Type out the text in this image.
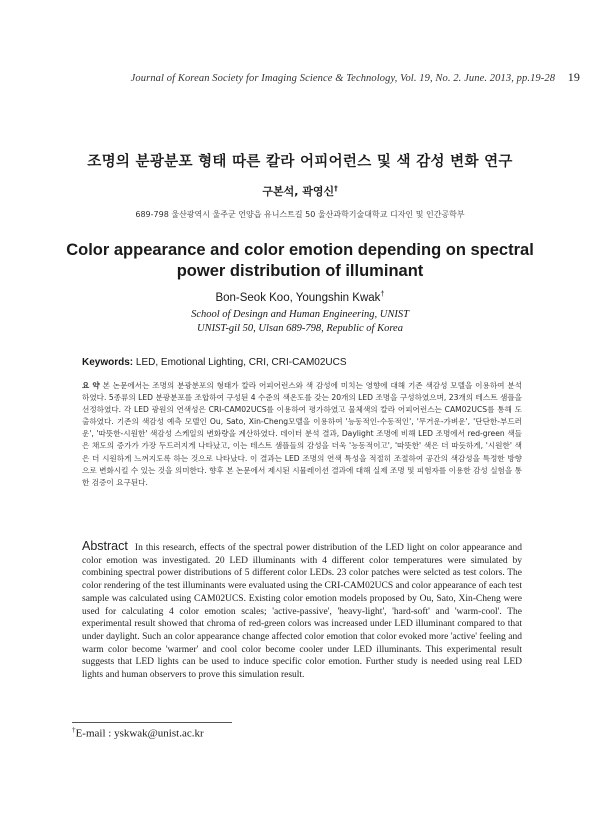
Journal of Korean Society for Imaging Science & Technology, Vol. 19, No. 2. June. 2013, pp.19-28 19
조명의 분광분포 형태 따른 칼라 어피어런스 및 색 감성 변화 연구
구본석, 곽영신†
689-798 울산광역시 울주군 언양읍 유니스트길 50 울산과학기술대학교 디자인 및 인간공학부
Color appearance and color emotion depending on spectral
power distribution of illuminant
Bon-Seok Koo, Youngshin Kwak†
School of Desingn and Human Engineering, UNIST
UNIST-gil 50, Ulsan 689-798, Republic of Korea
Keywords: LED, Emotional Lighting, CRI, CRI-CAM02UCS
요 약 본 논문에서는 조명의 분광분포의 형태가 칼라 어피어런스와 색 감성에 미치는 영향에 대해 기존 색감성 모델을 이용하여 분석 하였다. 5종류의 LED 분광분포를 조합하여 구성된 4 수준의 색온도를 갖는 20개의 LED 조명을 구성하였으며, 23개의 테스트 샘플을 선정하였다. 각 LED 광원의 연색성은 CRI-CAM02UCS를 이용하여 평가하였고 물체색의 칼라 어피어런스는 CAM02UCS를 통해 도출하였다. 기존의 색감성 예측 모델인 Ou, Sato, Xin-Cheng모델을 이용하여 '능동적인-수동적인', '무거운-가벼운', '단단한-부드러운', '따뜻한-시원한' 색감성 스케일의 변화량을 계산하였다. 데이터 분석 결과, Daylight 조명에 비해 LED 조명에서 red-green 색들은 채도의 증가가 가장 두드러지게 나타났고, 이는 테스트 샘플들의 감성을 더욱 '능동적이고', '따뜻한' 색은 더 따듯하게, '시원한' 색은 더 시원하게 느껴지도록 하는 것으로 나타났다. 이 결과는 LED 조명의 연색 특성을 적절히 조절하여 공간의 색감성을 특정한 방향으로 변화시킬 수 있는 것을 의미한다. 향후 본 논문에서 제시된 시뮬레이션 결과에 대해 실제 조명 및 피험자를 이용한 감성 실험을 통한 검증이 요구된다.
Abstract In this research, effects of the spectral power distribution of the LED light on color appearance and color emotion was investigated. 20 LED illuminants with 4 different color temperatures were simulated by combining spectral power distributions of 5 different color LEDs. 23 color patches were selcted as test colors. The color rendering of the test illuminants were evaluated using the CRI-CAM02UCS and color appearance of each test sample was calculated using CAM02UCS. Existing color emotion models proposed by Ou, Sato, Xin-Cheng were used for calculating 4 color emotion scales; 'active-passive', 'heavy-light', 'hard-soft' and 'warm-cool'. The experimental result showed that chroma of red-green colors was increased under LED illuminant compared to that under daylight. Such an color appearance change affected color emotion that color evoked more 'active' feeling and warm color become 'warmer' and cool color become cooler under LED illuminants. This experimental result suggests that LED lights can be used to induce specific color emotion. Further study is needed using real LED lights and human observers to prove this simulation result.
†E-mail : yskwak@unist.ac.kr
